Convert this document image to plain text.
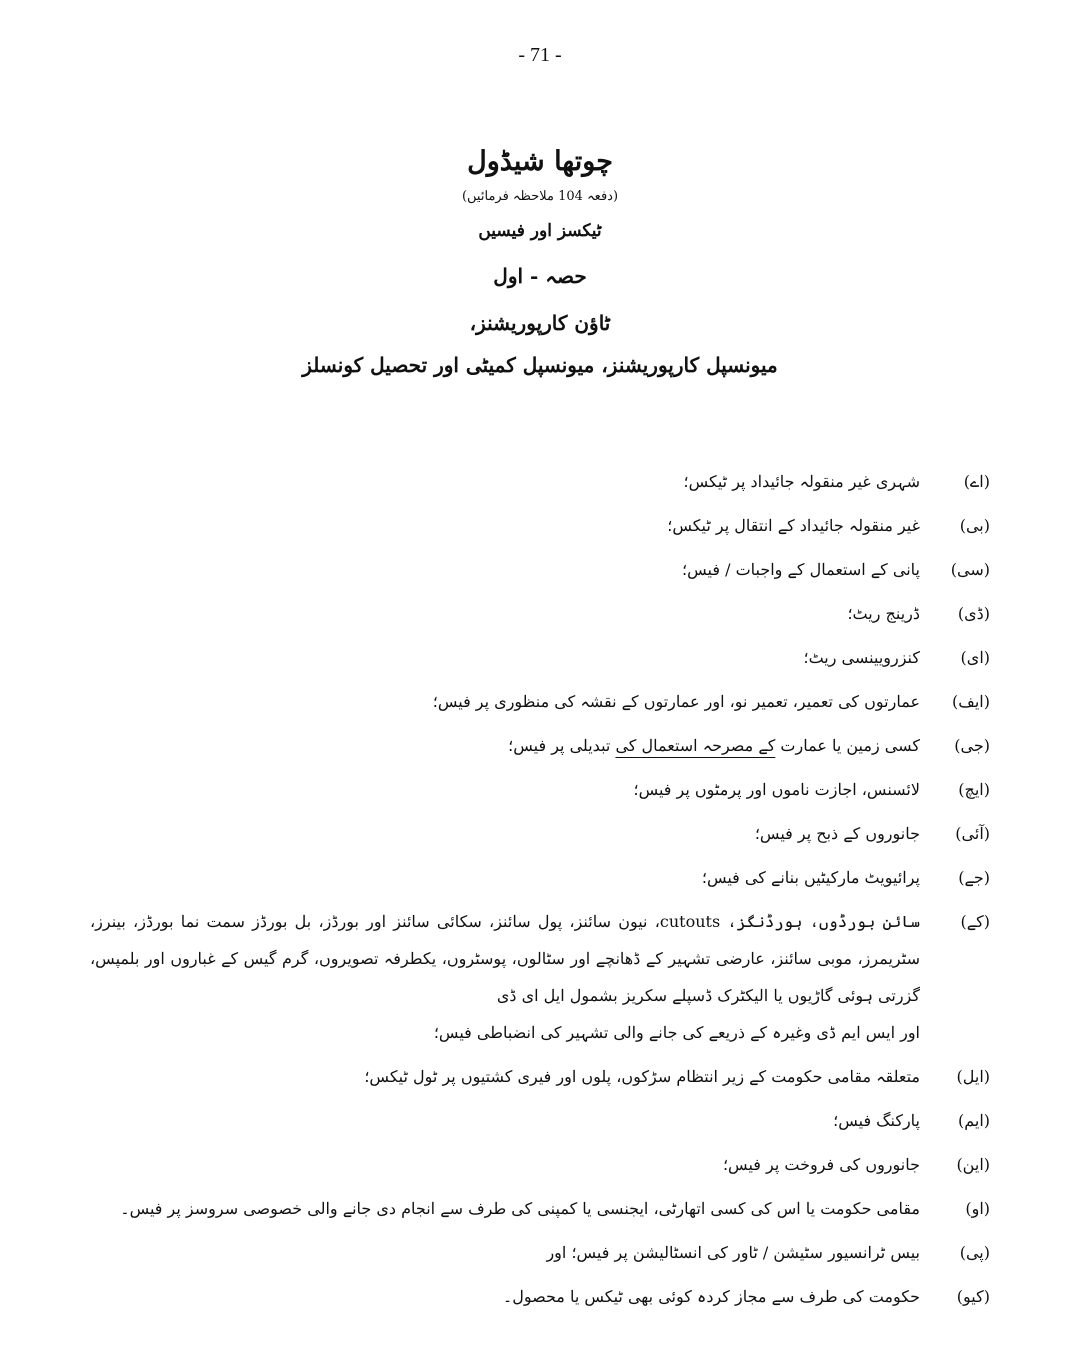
- 71 -
چوتھا شیڈول
(دفعہ 104 ملاحظہ فرمائیں)
ٹیکسز اور فیسیں
حصہ - اول
ٹاؤن کارپوریشنز،
میونسپل کارپوریشنز، میونسپل کمیٹی اور تحصیل کونسلز
(اے)
شہری غیر منقولہ جائیداد پر ٹیکس؛
(بی)
غیر منقولہ جائیداد کے انتقال پر ٹیکس؛
(سی)
پانی کے استعمال کے واجبات / فیس؛
(ڈی)
ڈرینج ریٹ؛
(ای)
کنزرویینسی ریٹ؛
(ایف)
عمارتوں کی تعمیر، تعمیر نو، اور عمارتوں کے نقشہ کی منظوری پر فیس؛
(جی)
کسی زمین یا عمارت کے مصرحہ استعمال کی تبدیلی پر فیس؛
(ایچ)
لائسنس، اجازت ناموں اور پرمٹوں پر فیس؛
(آئی)
جانوروں کے ذبح پر فیس؛
(جے)
پرائیویٹ مارکیٹیں بنانے کی فیس؛
(کے)
سائن بورڈوں، ہورڈنگز، cutouts، نیون سائنز، پول سائنز، سکائی سائنز اور بورڈز، بل بورڈز سمت نما بورڈز، بینرز، سٹریمرز، موبی سائنز، عارضی تشہیر کے ڈھانچے اور سٹالوں، پوسٹروں، یکطرفہ تصویروں، گرم گیس کے غباروں اور بلمپس، گزرتی ہوئی گاڑیوں یا الیکٹرک ڈسپلے سکریز بشمول ایل ای ڈی
اور ایس ایم ڈی وغیرہ کے ذریعے کی جانے والی تشہیر کی انضباطی فیس؛
(ایل)
متعلقہ مقامی حکومت کے زیر انتظام سڑکوں، پلوں اور فیری کشتیوں پر ٹول ٹیکس؛
(ایم)
پارکنگ فیس؛
(این)
جانوروں کی فروخت پر فیس؛
(او)
مقامی حکومت یا اس کی کسی اتھارٹی، ایجنسی یا کمپنی کی طرف سے انجام دی جانے والی خصوصی سروسز پر فیس۔
(پی)
بیس ٹرانسیور سٹیشن / ٹاور کی انسٹالیشن پر فیس؛ اور
(کیو)
حکومت کی طرف سے مجاز کردہ کوئی بھی ٹیکس یا محصول۔
